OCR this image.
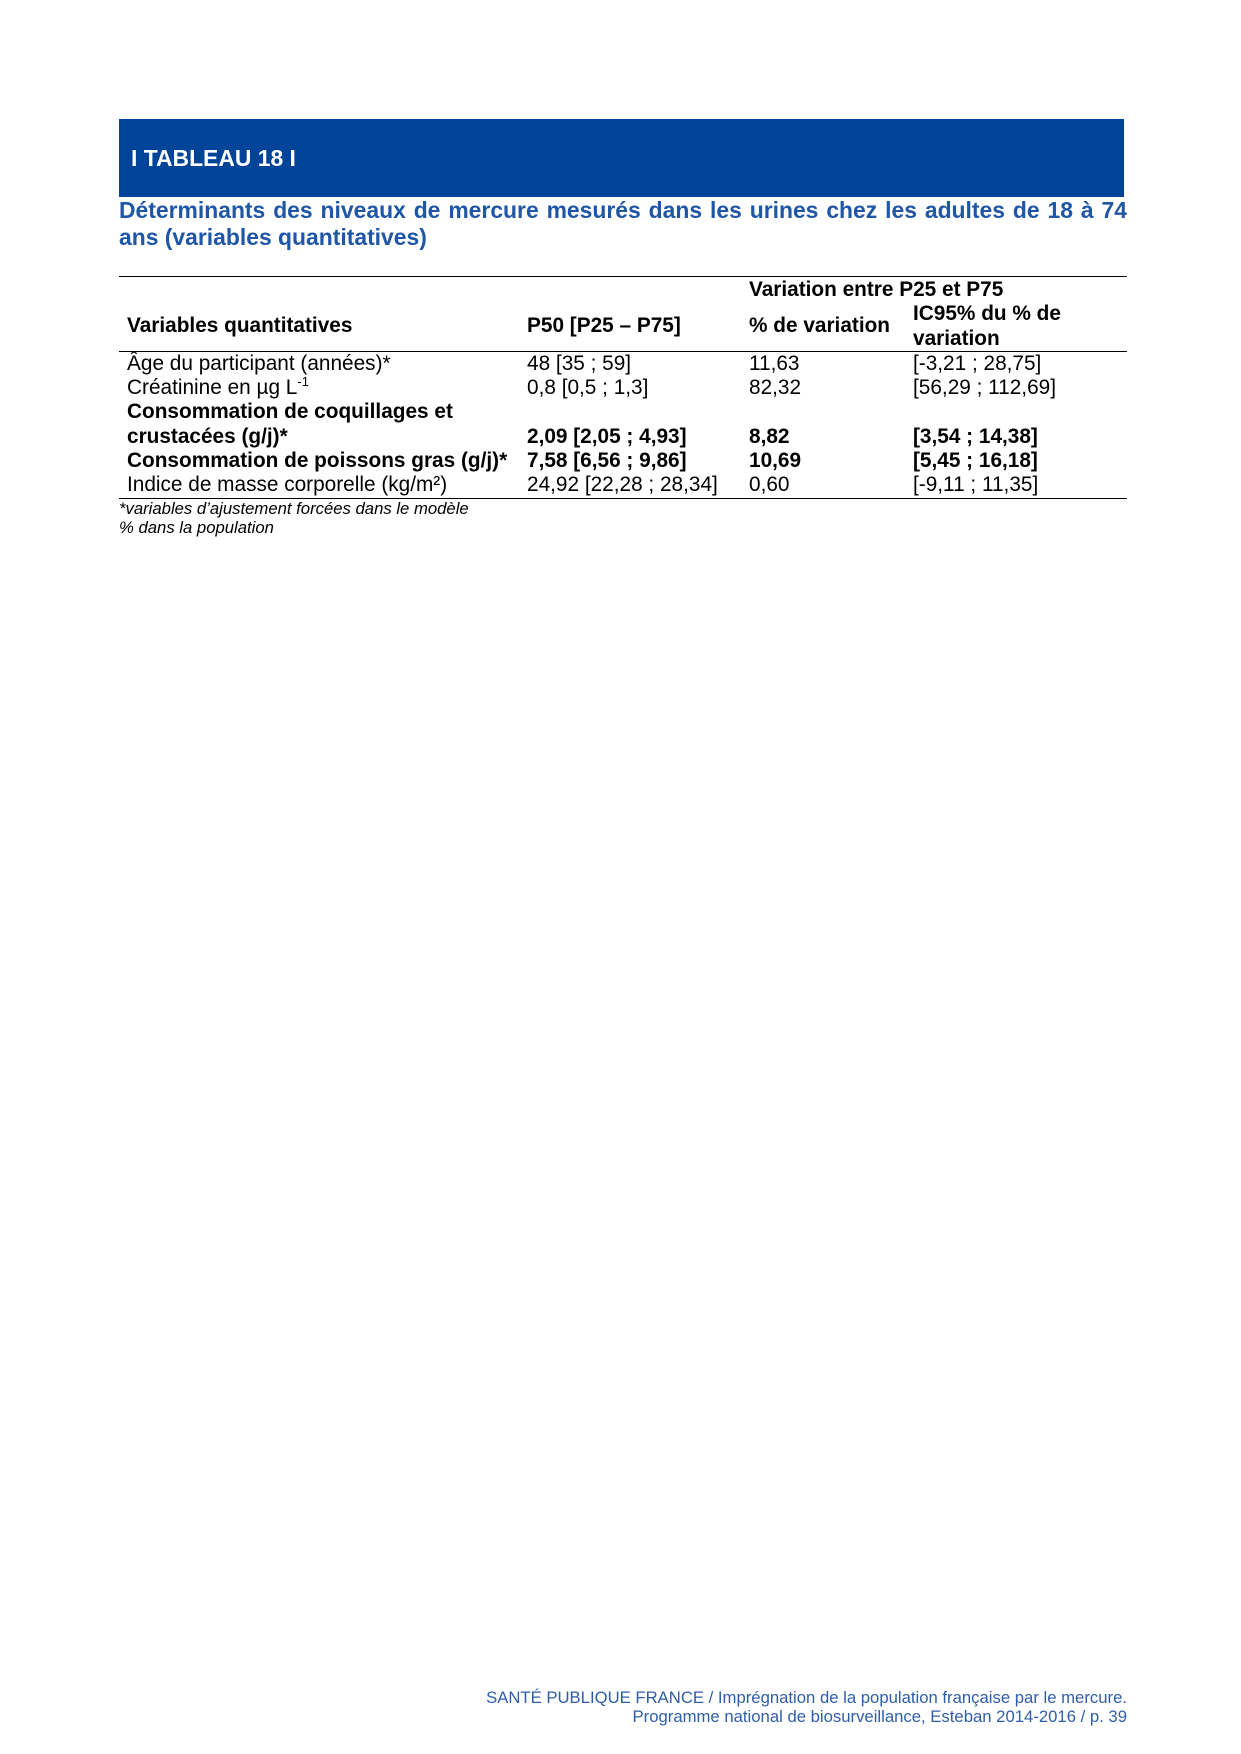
I TABLEAU 18 I

Déterminants des niveaux de mercure mesurés dans les urines chez les adultes de 18 à 74 ans (variables quantitatives)

		Variation entre P25 et P75	
Variables quantitatives	P50 [P25 – P75]	% de variation	IC95% du % de variation
Âge du participant (années)*	48 [35 ; 59]	11,63	[-3,21 ; 28,75]
Créatinine en µg $L^{-1}$	0,8 [0,5 ; 1,3]	82,32	[56,29 ; 112,69]
Consommation de coquillages et crustacées (g/j)*	2,09 [2,05 ; 4,93]	8,82	[3,54 ; 14,38]
Consommation de poissons gras (g/j)*	7,58 [6,56 ; 9,86]	10,69	[5,45 ; 16,18]
Indice de masse corporelle (kg/m²)	24,92 [22,28 ; 28,34]	0,60	[-9,11 ; 11,35]
*variables d’ajustement forcées dans le modèle
% dans la population
SANTÉ PUBLIQUE FRANCE / Imprégnation de la population française par le mercure.
Programme national de biosurveillance, Esteban 2014-2016 / p. 39
